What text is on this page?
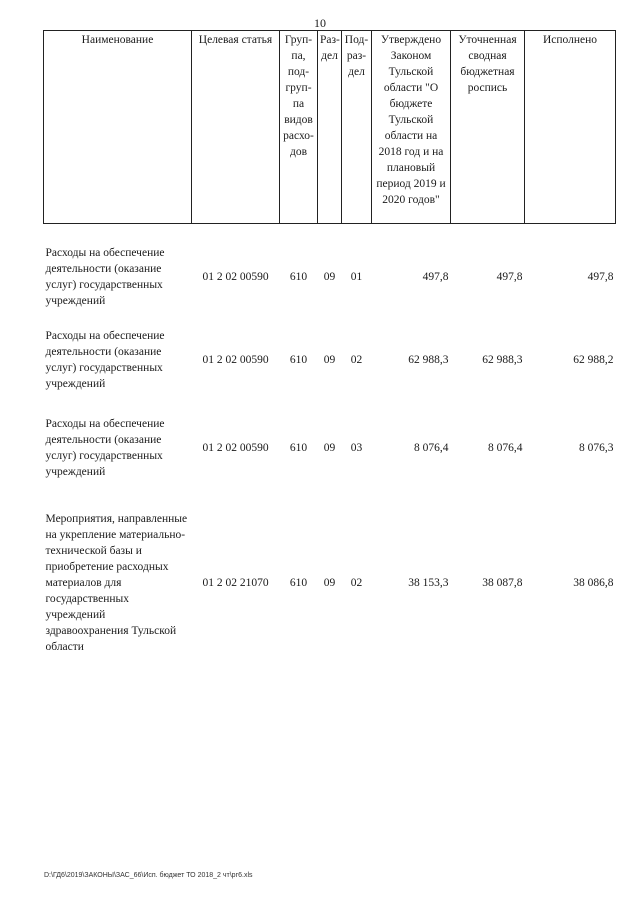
10
Наименование	Целевая статья	Груп-па, под-груп-па видов расхо-дов	Раз-дел	Под-раз-дел	Утверждено Законом Тульской области "О бюджете Тульской области на 2018 год и на плановый период 2019 и 2020 годов"	Уточненная сводная бюджетная роспись	Исполнено

Расходы на обеспечение деятельности (оказание услуг) государственных учреждений	01 2 02 00590	610	09	01	497,8	497,8	497,8

Расходы на обеспечение деятельности (оказание услуг) государственных учреждений	01 2 02 00590	610	09	02	62 988,3	62 988,3	62 988,2

Расходы на обеспечение деятельности (оказание услуг) государственных учреждений	01 2 02 00590	610	09	03	8 076,4	8 076,4	8 076,3

Мероприятия, направленные на укрепление материально-технической базы и приобретение расходных материалов для государственных учреждений здравоохранения Тульской области	01 2 02 21070	610	09	02	38 153,3	38 087,8	38 086,8
D:\ГД6\2019\ЗАКОНЫ\ЗАС_66\Исп. бюджет ТО 2018_2 чт\рг6.xls
